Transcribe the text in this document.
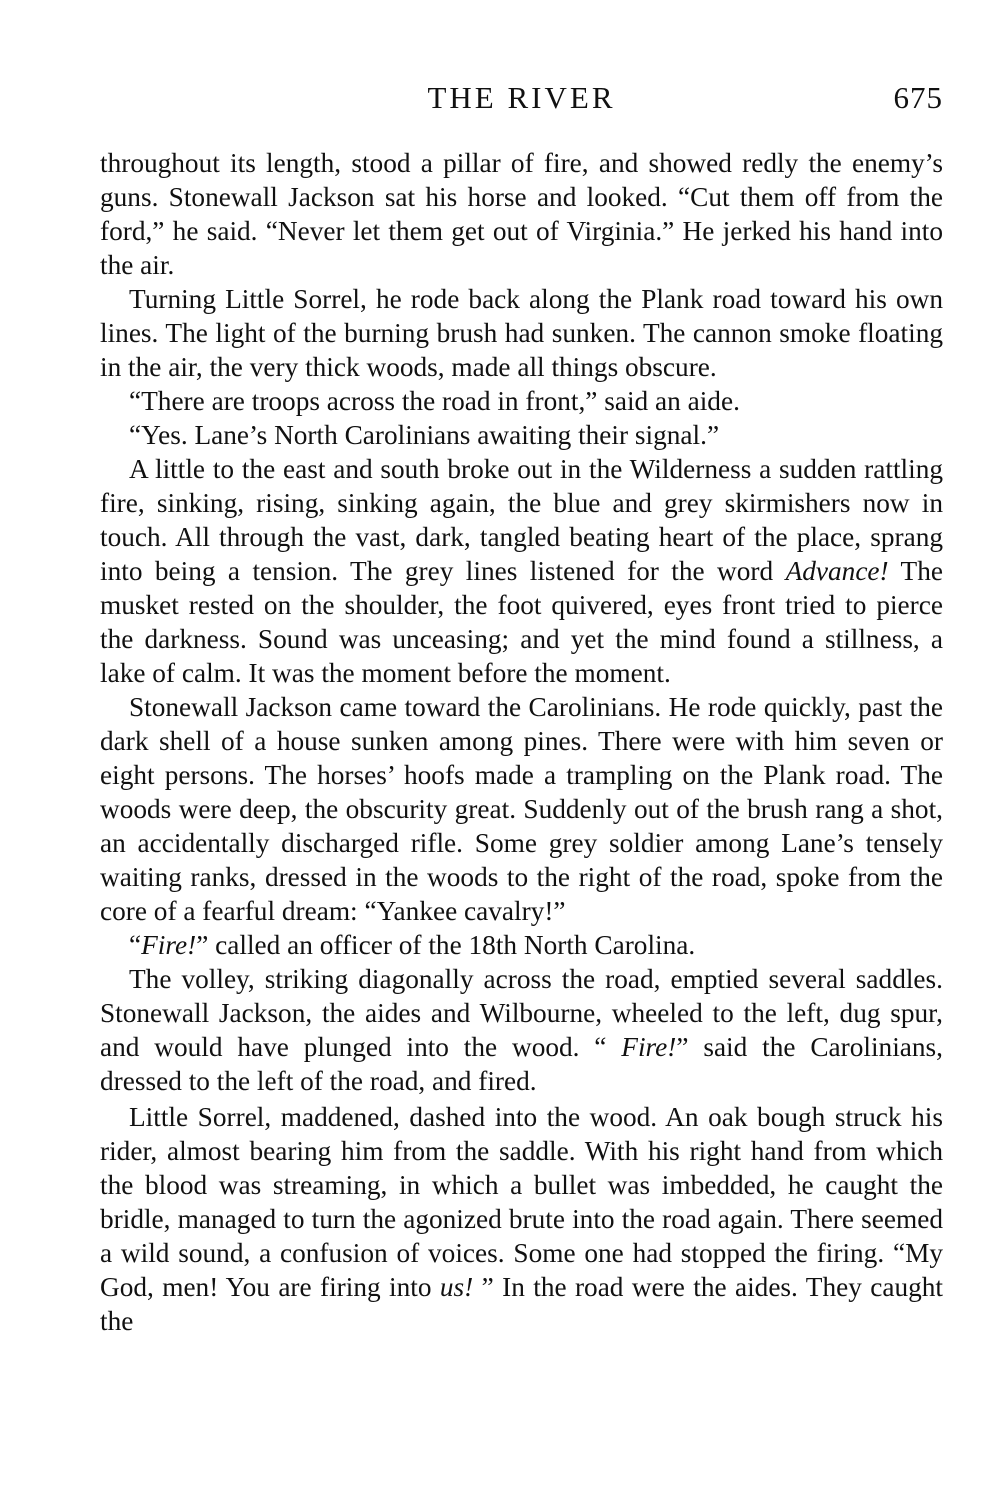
THE RIVER	675

throughout its length, stood a pillar of fire, and showed redly the enemy’s guns. Stonewall Jackson sat his horse and looked. “Cut them off from the ford,” he said. “Never let them get out of Virginia.” He jerked his hand into the air.

Turning Little Sorrel, he rode back along the Plank road toward his own lines. The light of the burning brush had sunken. The cannon smoke floating in the air, the very thick woods, made all things obscure.

“There are troops across the road in front,” said an aide.

“Yes. Lane’s North Carolinians awaiting their signal.”

A little to the east and south broke out in the Wilderness a sudden rattling fire, sinking, rising, sinking again, the blue and grey skirmishers now in touch. All through the vast, dark, tangled beating heart of the place, sprang into being a tension. The grey lines listened for the word Advance! The musket rested on the shoulder, the foot quivered, eyes front tried to pierce the darkness. Sound was unceasing; and yet the mind found a stillness, a lake of calm. It was the moment before the moment.

Stonewall Jackson came toward the Carolinians. He rode quickly, past the dark shell of a house sunken among pines. There were with him seven or eight persons. The horses’ hoofs made a trampling on the Plank road. The woods were deep, the obscurity great. Suddenly out of the brush rang a shot, an accidentally discharged rifle. Some grey soldier among Lane’s tensely waiting ranks, dressed in the woods to the right of the road, spoke from the core of a fearful dream: “Yankee cavalry!”

“Fire!” called an officer of the 18th North Carolina.

The volley, striking diagonally across the road, emptied several saddles. Stonewall Jackson, the aides and Wilbourne, wheeled to the left, dug spur, and would have plunged into the wood. “ Fire!” said the Carolinians, dressed to the left of the road, and fired.

Little Sorrel, maddened, dashed into the wood. An oak bough struck his rider, almost bearing him from the saddle. With his right hand from which the blood was streaming, in which a bullet was imbedded, he caught the bridle, managed to turn the agonized brute into the road again. There seemed a wild sound, a confusion of voices. Some one had stopped the firing. “My God, men! You are firing into us! ” In the road were the aides. They caught the
